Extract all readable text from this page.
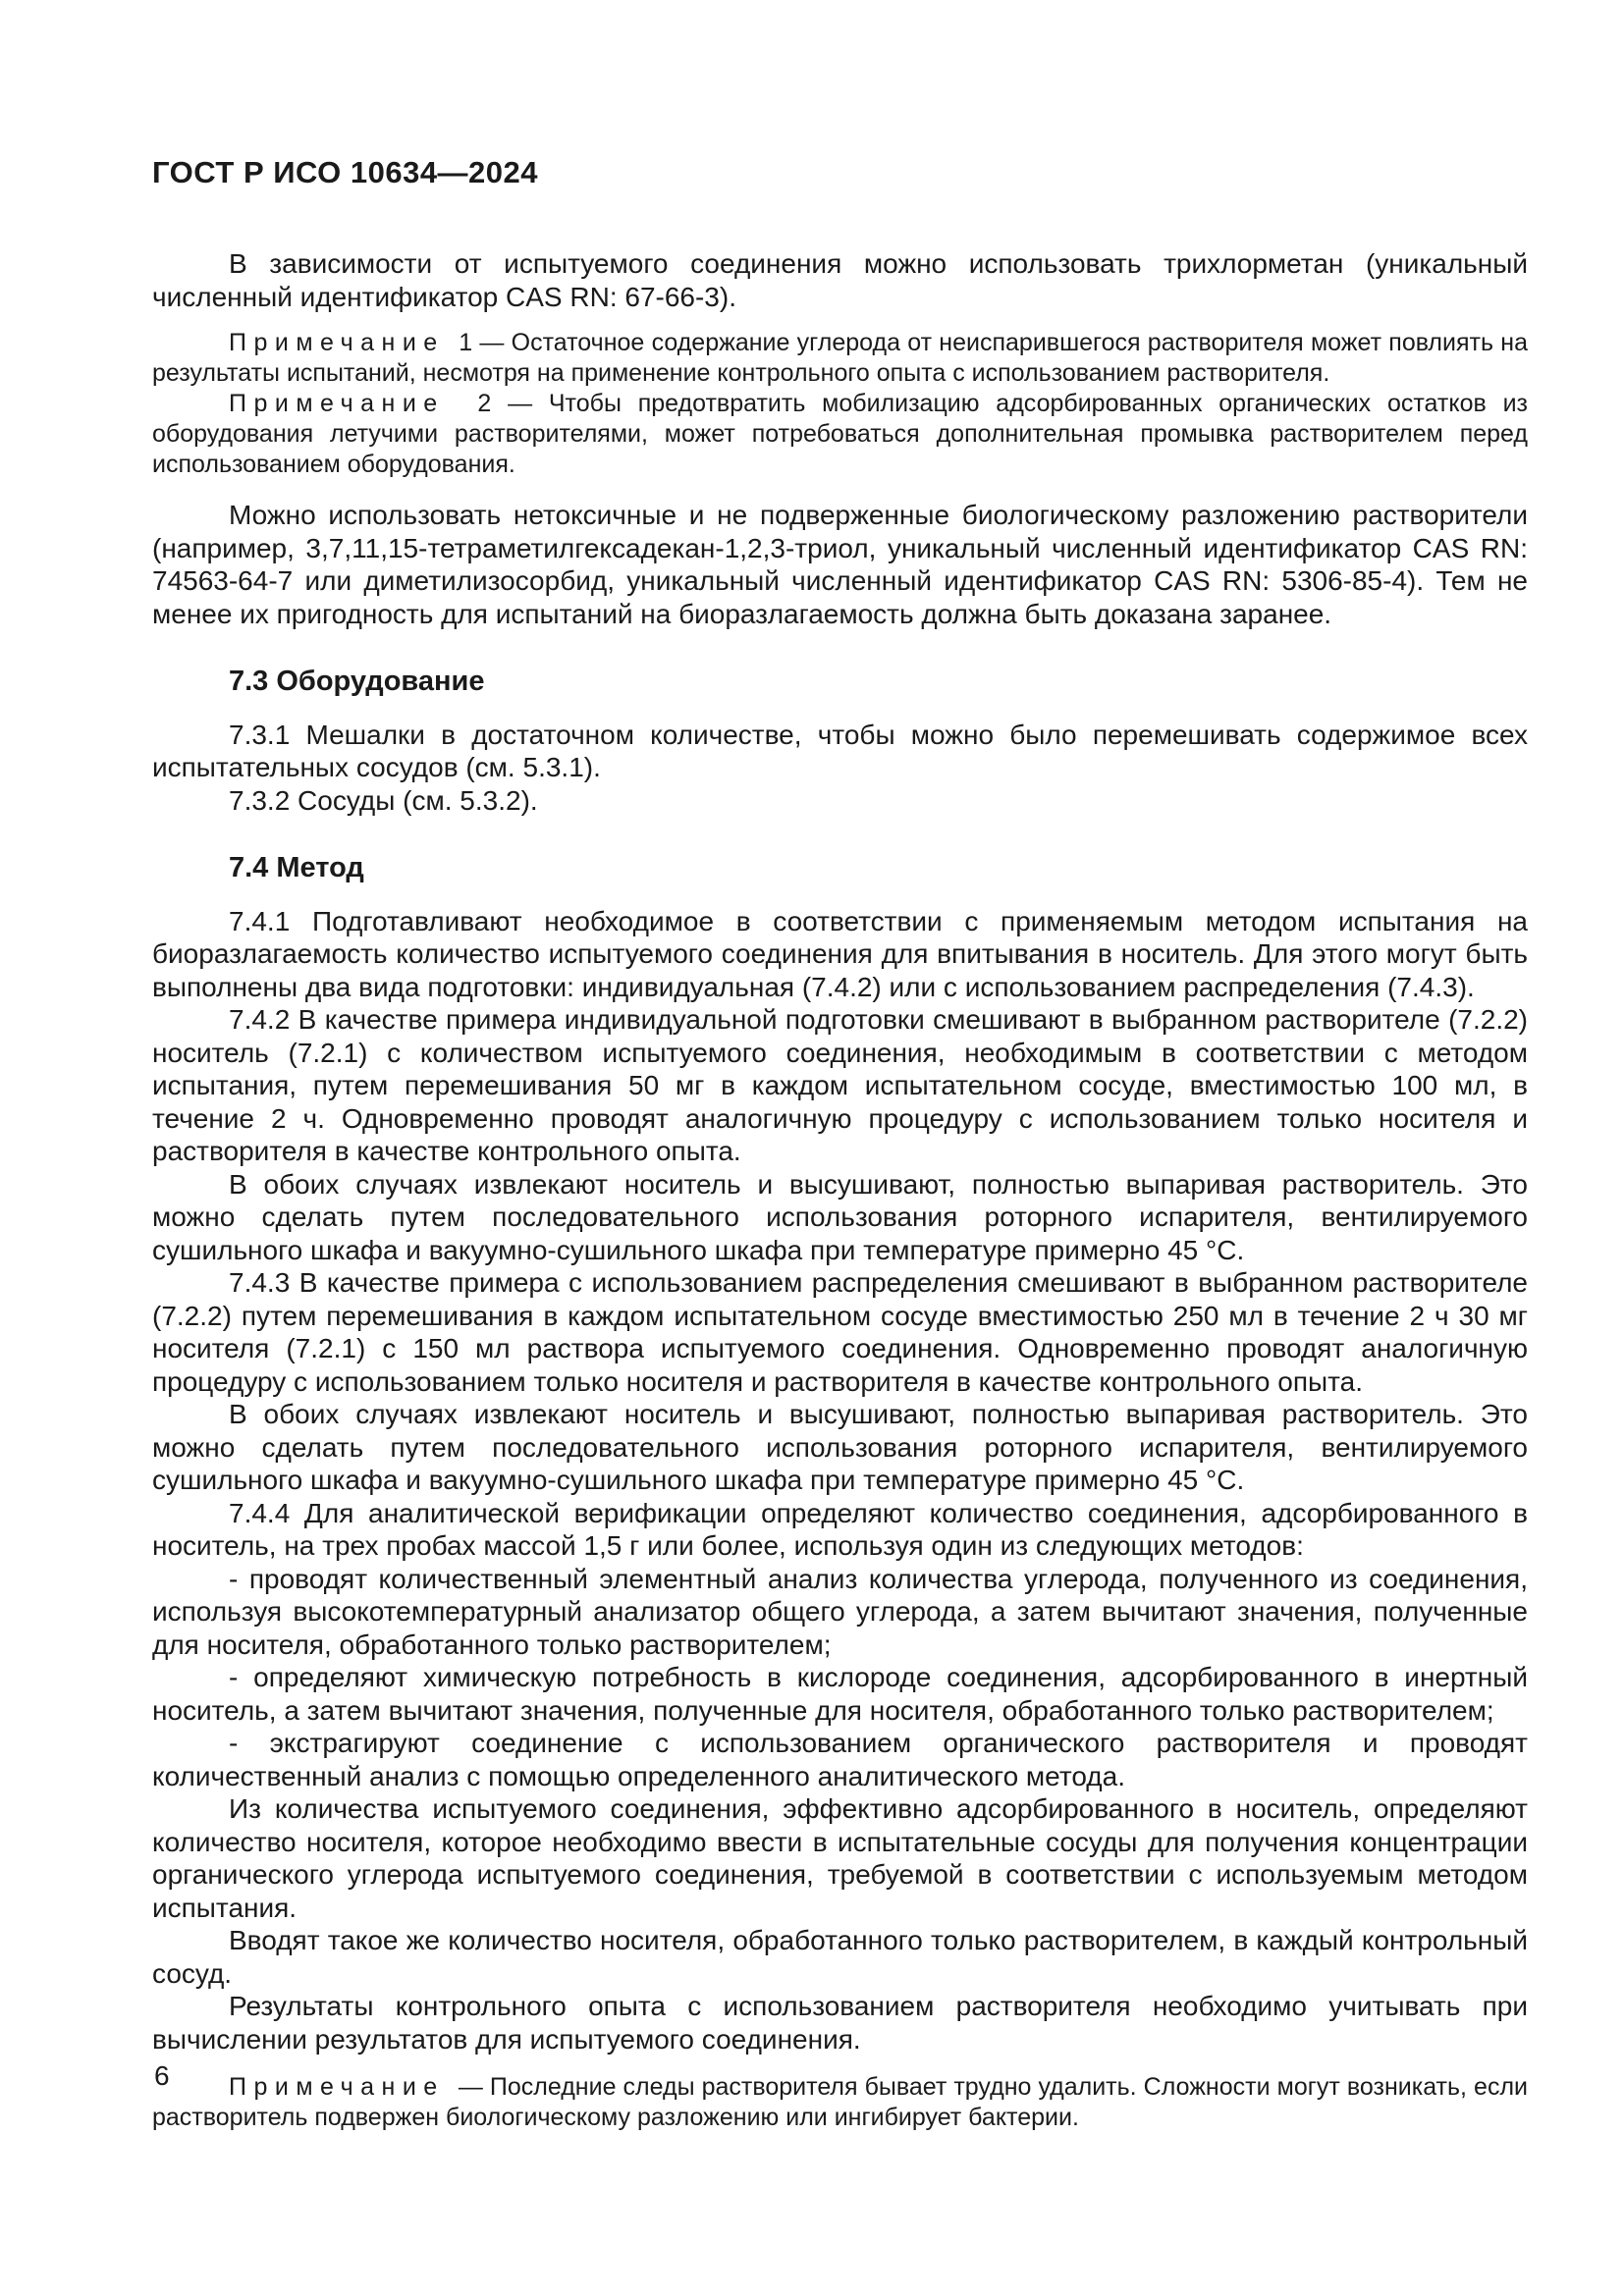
ГОСТ Р ИСО 10634—2024

В зависимости от испытуемого соединения можно использовать трихлорметан (уникальный численный идентификатор CAS RN: 67-66-3).

Примечание 1 — Остаточное содержание углерода от неиспарившегося растворителя может повлиять на результаты испытаний, несмотря на применение контрольного опыта с использованием растворителя.

Примечание 2 — Чтобы предотвратить мобилизацию адсорбированных органических остатков из оборудования летучими растворителями, может потребоваться дополнительная промывка растворителем перед использованием оборудования.

Можно использовать нетоксичные и не подверженные биологическому разложению растворители (например, 3,7,11,15-тетраметилгексадекан-1,2,3-триол, уникальный численный идентификатор CAS RN: 74563-64-7 или диметилизосорбид, уникальный численный идентификатор CAS RN: 5306-85-4). Тем не менее их пригодность для испытаний на биоразлагаемость должна быть доказана заранее.

7.3 Оборудование

7.3.1 Мешалки в достаточном количестве, чтобы можно было перемешивать содержимое всех испытательных сосудов (см. 5.3.1).

7.3.2 Сосуды (см. 5.3.2).

7.4 Метод

7.4.1 Подготавливают необходимое в соответствии с применяемым методом испытания на биоразлагаемость количество испытуемого соединения для впитывания в носитель. Для этого могут быть выполнены два вида подготовки: индивидуальная (7.4.2) или с использованием распределения (7.4.3).

7.4.2 В качестве примера индивидуальной подготовки смешивают в выбранном растворителе (7.2.2) носитель (7.2.1) с количеством испытуемого соединения, необходимым в соответствии с методом испытания, путем перемешивания 50 мг в каждом испытательном сосуде, вместимостью 100 мл, в течение 2 ч. Одновременно проводят аналогичную процедуру с использованием только носителя и растворителя в качестве контрольного опыта.

В обоих случаях извлекают носитель и высушивают, полностью выпаривая растворитель. Это можно сделать путем последовательного использования роторного испарителя, вентилируемого сушильного шкафа и вакуумно-сушильного шкафа при температуре примерно 45 °С.

7.4.3 В качестве примера с использованием распределения смешивают в выбранном растворителе (7.2.2) путем перемешивания в каждом испытательном сосуде вместимостью 250 мл в течение 2 ч 30 мг носителя (7.2.1) с 150 мл раствора испытуемого соединения. Одновременно проводят аналогичную процедуру с использованием только носителя и растворителя в качестве контрольного опыта.

В обоих случаях извлекают носитель и высушивают, полностью выпаривая растворитель. Это можно сделать путем последовательного использования роторного испарителя, вентилируемого сушильного шкафа и вакуумно-сушильного шкафа при температуре примерно 45 °С.

7.4.4 Для аналитической верификации определяют количество соединения, адсорбированного в носитель, на трех пробах массой 1,5 г или более, используя один из следующих методов:

- проводят количественный элементный анализ количества углерода, полученного из соединения, используя высокотемпературный анализатор общего углерода, а затем вычитают значения, полученные для носителя, обработанного только растворителем;

- определяют химическую потребность в кислороде соединения, адсорбированного в инертный носитель, а затем вычитают значения, полученные для носителя, обработанного только растворителем;

- экстрагируют соединение с использованием органического растворителя и проводят количественный анализ с помощью определенного аналитического метода.

Из количества испытуемого соединения, эффективно адсорбированного в носитель, определяют количество носителя, которое необходимо ввести в испытательные сосуды для получения концентрации органического углерода испытуемого соединения, требуемой в соответствии с используемым методом испытания.

Вводят такое же количество носителя, обработанного только растворителем, в каждый контрольный сосуд.

Результаты контрольного опыта с использованием растворителя необходимо учитывать при вычислении результатов для испытуемого соединения.

Примечание — Последние следы растворителя бывает трудно удалить. Сложности могут возникать, если растворитель подвержен биологическому разложению или ингибирует бактерии.

6
